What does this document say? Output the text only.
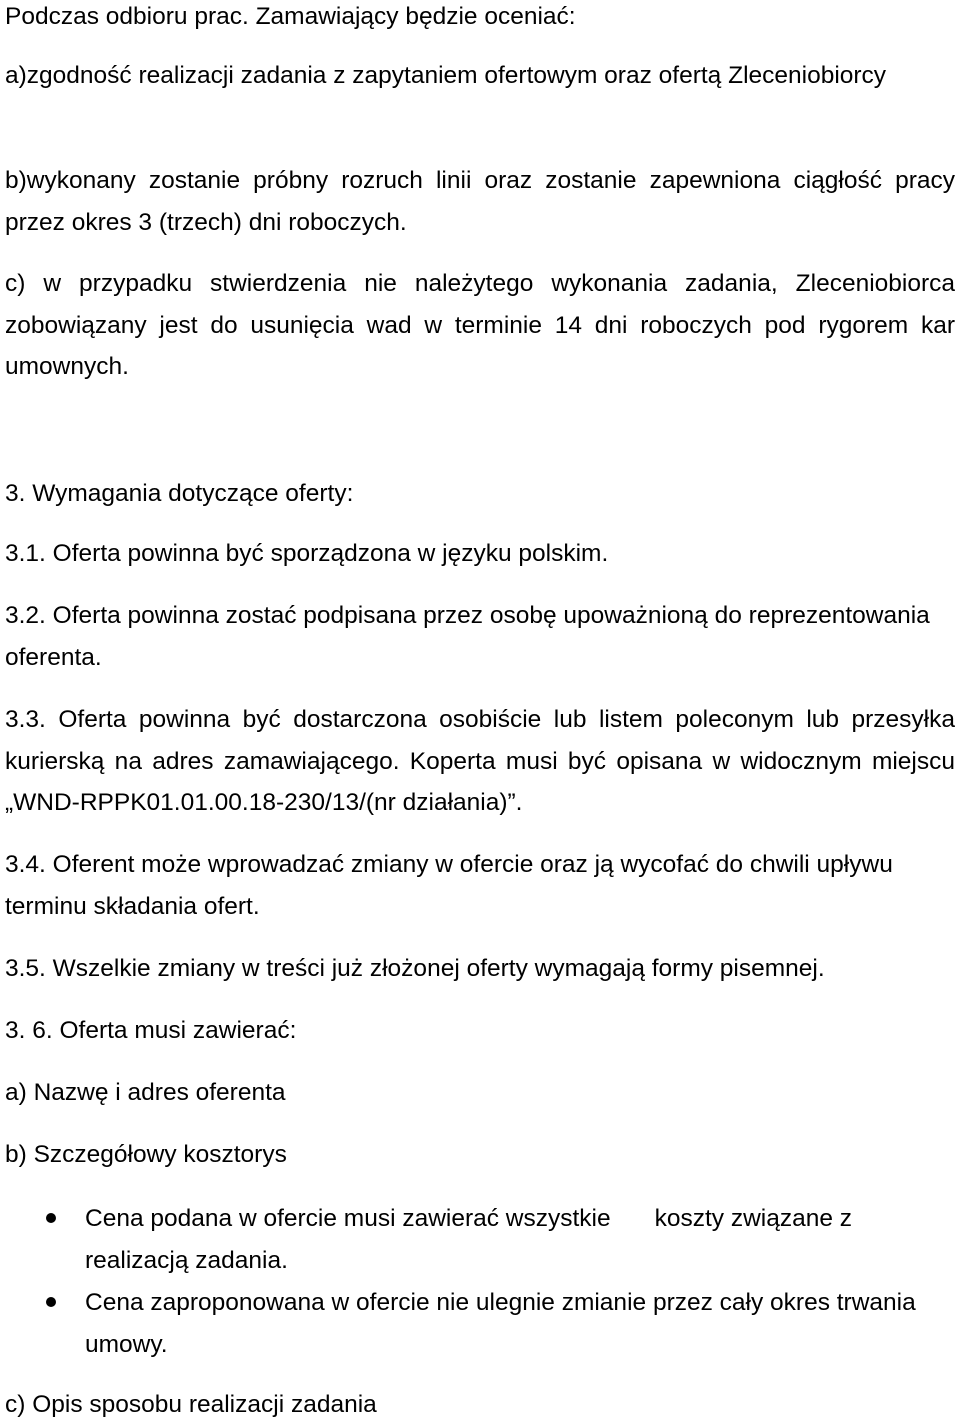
Podczas odbioru prac. Zamawiający będzie oceniać:

a)zgodność realizacji zadania z zapytaniem ofertowym oraz ofertą Zleceniobiorcy

b)wykonany zostanie próbny rozruch linii oraz zostanie zapewniona ciągłość pracy przez okres 3 (trzech) dni roboczych.

c) w przypadku stwierdzenia nie należytego wykonania zadania, Zleceniobiorca zobowiązany jest do usunięcia wad w terminie 14 dni roboczych pod rygorem kar umownych.

3. Wymagania dotyczące oferty:

3.1. Oferta powinna być sporządzona w języku polskim.

3.2. Oferta powinna zostać podpisana przez osobę upoważnioną do reprezentowania oferenta.

3.3. Oferta powinna być dostarczona osobiście lub listem poleconym lub przesyłka kurierską na adres zamawiającego. Koperta musi być opisana w widocznym miejscu „WND-RPPK01.01.00.18-230/13/(nr działania)”.

3.4. Oferent może wprowadzać zmiany w ofercie oraz ją wycofać do chwili upływu terminu składania ofert.

3.5. Wszelkie zmiany w treści już złożonej oferty wymagają formy pisemnej.

3. 6. Oferta musi zawierać:

a) Nazwę i adres oferenta

b) Szczegółowy kosztorys

Cena podana w ofercie musi zawierać wszystkie koszty związane z realizacją zadania.

Cena zaproponowana w ofercie nie ulegnie zmianie przez cały okres trwania umowy.

c) Opis sposobu realizacji zadania
